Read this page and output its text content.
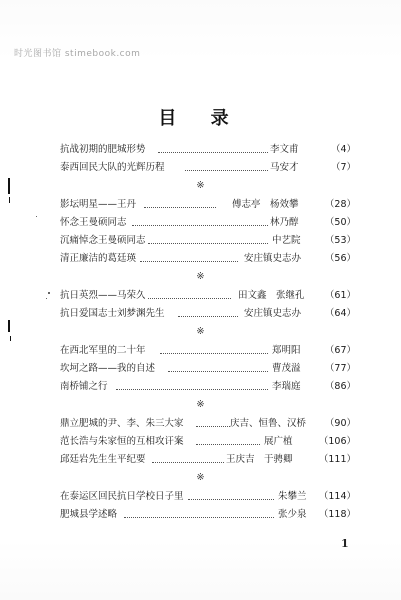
时光图书馆 stimebook.com
目 录
抗战初期的肥城形势	李文甫	（4）
泰西回民大队的光辉历程	马安才	（7）
※
影坛明星——王丹	傅志亭　杨效攀	（28）
怀念王曼硕同志	林乃醇	（50）
沉痛悼念王曼硕同志	中艺院	（53）
清正廉洁的葛廷瑛	安庄镇史志办	（56）
※
抗日英烈——马荣久	田文鑫　张继孔 （61）
抗日爱国志士刘梦渊先生	安庄镇史志办	（64）
※
在西北军里的二十年	郑明阳	（67）
坎坷之路——我的自述	曹茂溢	（77）
南桥铺之行	李瑞庭	（86）
※
鼎立肥城的尹、李、朱三大家	庆吉、恒鲁、汉桥 （90）
范长浩与朱家恒的互相攻讦案	展广植	（106）
邱廷岩先生生平纪要	王庆吉　于骋卿	（111）
※
在泰运区回民抗日学校日子里	朱攀兰 （114）
肥城县学述略	张少泉 （118）
1
